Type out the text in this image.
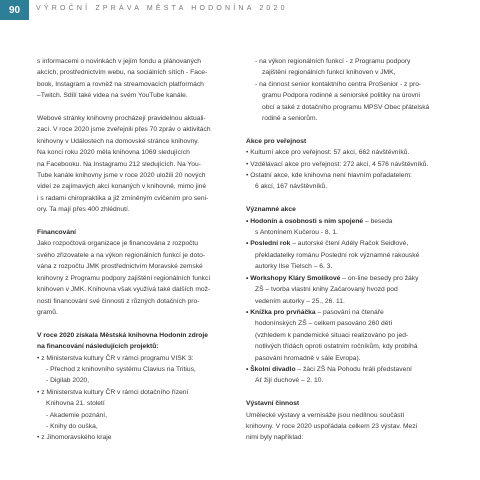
90	VÝROČNÍ ZPRÁVA MĚSTA HODONÍNA 2020

s informacemi o novinkách v jejím fondu a plánovaných

akcích, prostřednictvím webu, na sociálních sítích - Face-

book, Instagram a rovněž na streamovacích platformách

–Twitch. Sdílí také videa na svém YouTube kanále.

Webové stránky knihovny procházejí pravidelnou aktuali-

zací. V roce 2020 jsme zveřejnili přes 70 zpráv o aktivitách

knihovny v Událostech na domovské stránce knihovny.

Na konci roku 2020 měla knihovna 1069 sledujících

na Facebooku. Na Instagramu 212 sledujících. Na You-

Tube kanále knihovny jsme v roce 2020 uložili 20 nových

videí ze zajímavých akcí konaných v knihovně, mimo jiné

i s radami chiropraktika a již zmíněným cvičením pro seni-

ory. Ta mají přes 400 zhlédnutí.

Financování

Jako rozpočtová organizace je financována z rozpočtu

svého zřizovatele a na výkon regionálních funkcí je doto-

vána z rozpočtu JMK prostřednictvím Moravské zemské

knihovny z Programu podpory zajištění regionálních funkcí

knihoven v JMK. Knihovna však využívá také dalších mož-

ností financování své činnosti z různých dotačních pro-

gramů.

V roce 2020 získala Městská knihovna Hodonín zdroje

na financování následujících projektů:

• z Ministerstva kultury ČR v rámci programu VISK 3:

- Přechod z knihovního systému Clavius na Tritius,

- Digilab 2020,

• z Ministerstva kultury ČR v rámci dotačního řízení

Knihovna 21. století

- Akademie poznání,

- Knihy do ouška,

• z Jihomoravského kraje

- na výkon regionálních funkcí - z Programu podpory

zajištění regionálních funkcí knihoven v JMK,

- na činnost senior kontaktního centra ProSenior - z pro-

gramu Podpora rodinné a seniorské politiky na úrovni

obcí a také z dotačního programu MPSV Obec přátelská

rodině a seniorům.

Akce pro veřejnost

• Kulturní akce pro veřejnost: 57 akcí, 662 návštěvníků.

• Vzdělávací akce pro veřejnost: 272 akcí, 4 576 návštěvníků.

• Ostatní akce, kde knihovna není hlavním pořadatelem:

6 akcí, 167 návštěvníků.

Významné akce

• Hodonín a osobnosti s ním spojené – beseda

s Antonínem Kučerou - 8. 1.

• Poslední rok – autorské čtení Adély Račok Seidlové,

překladatelky románu Poslední rok významné rakouské

autorky Ilse Tielsch – 6. 3.

• Workshopy Kláry Smolíkové – on-line besedy pro žáky

ZŠ – tvorba vlastní knihy Začarovaný hvozd pod

vedením autorky – 25., 26. 11.

• Knížka pro prvňáčka – pasování na čtenáře

hodonínských ZŠ – celkem pasováno 260 dětí

(vzhledem k pandemické situaci realizováno po jed-

notlivých třídách oproti ostatním ročníkům, kdy probíhá

pasování hromadně v sále Evropa).

• Školní divadlo – žáci ZŠ Na Pohodu hráli představení

Ať žijí duchové – 2. 10.

Výstavní činnost

Umělecké výstavy a vernisáže jsou nedílnou součástí

knihovny. V roce 2020 uspořádala celkem 23 výstav. Mezi

nimi byly například:
